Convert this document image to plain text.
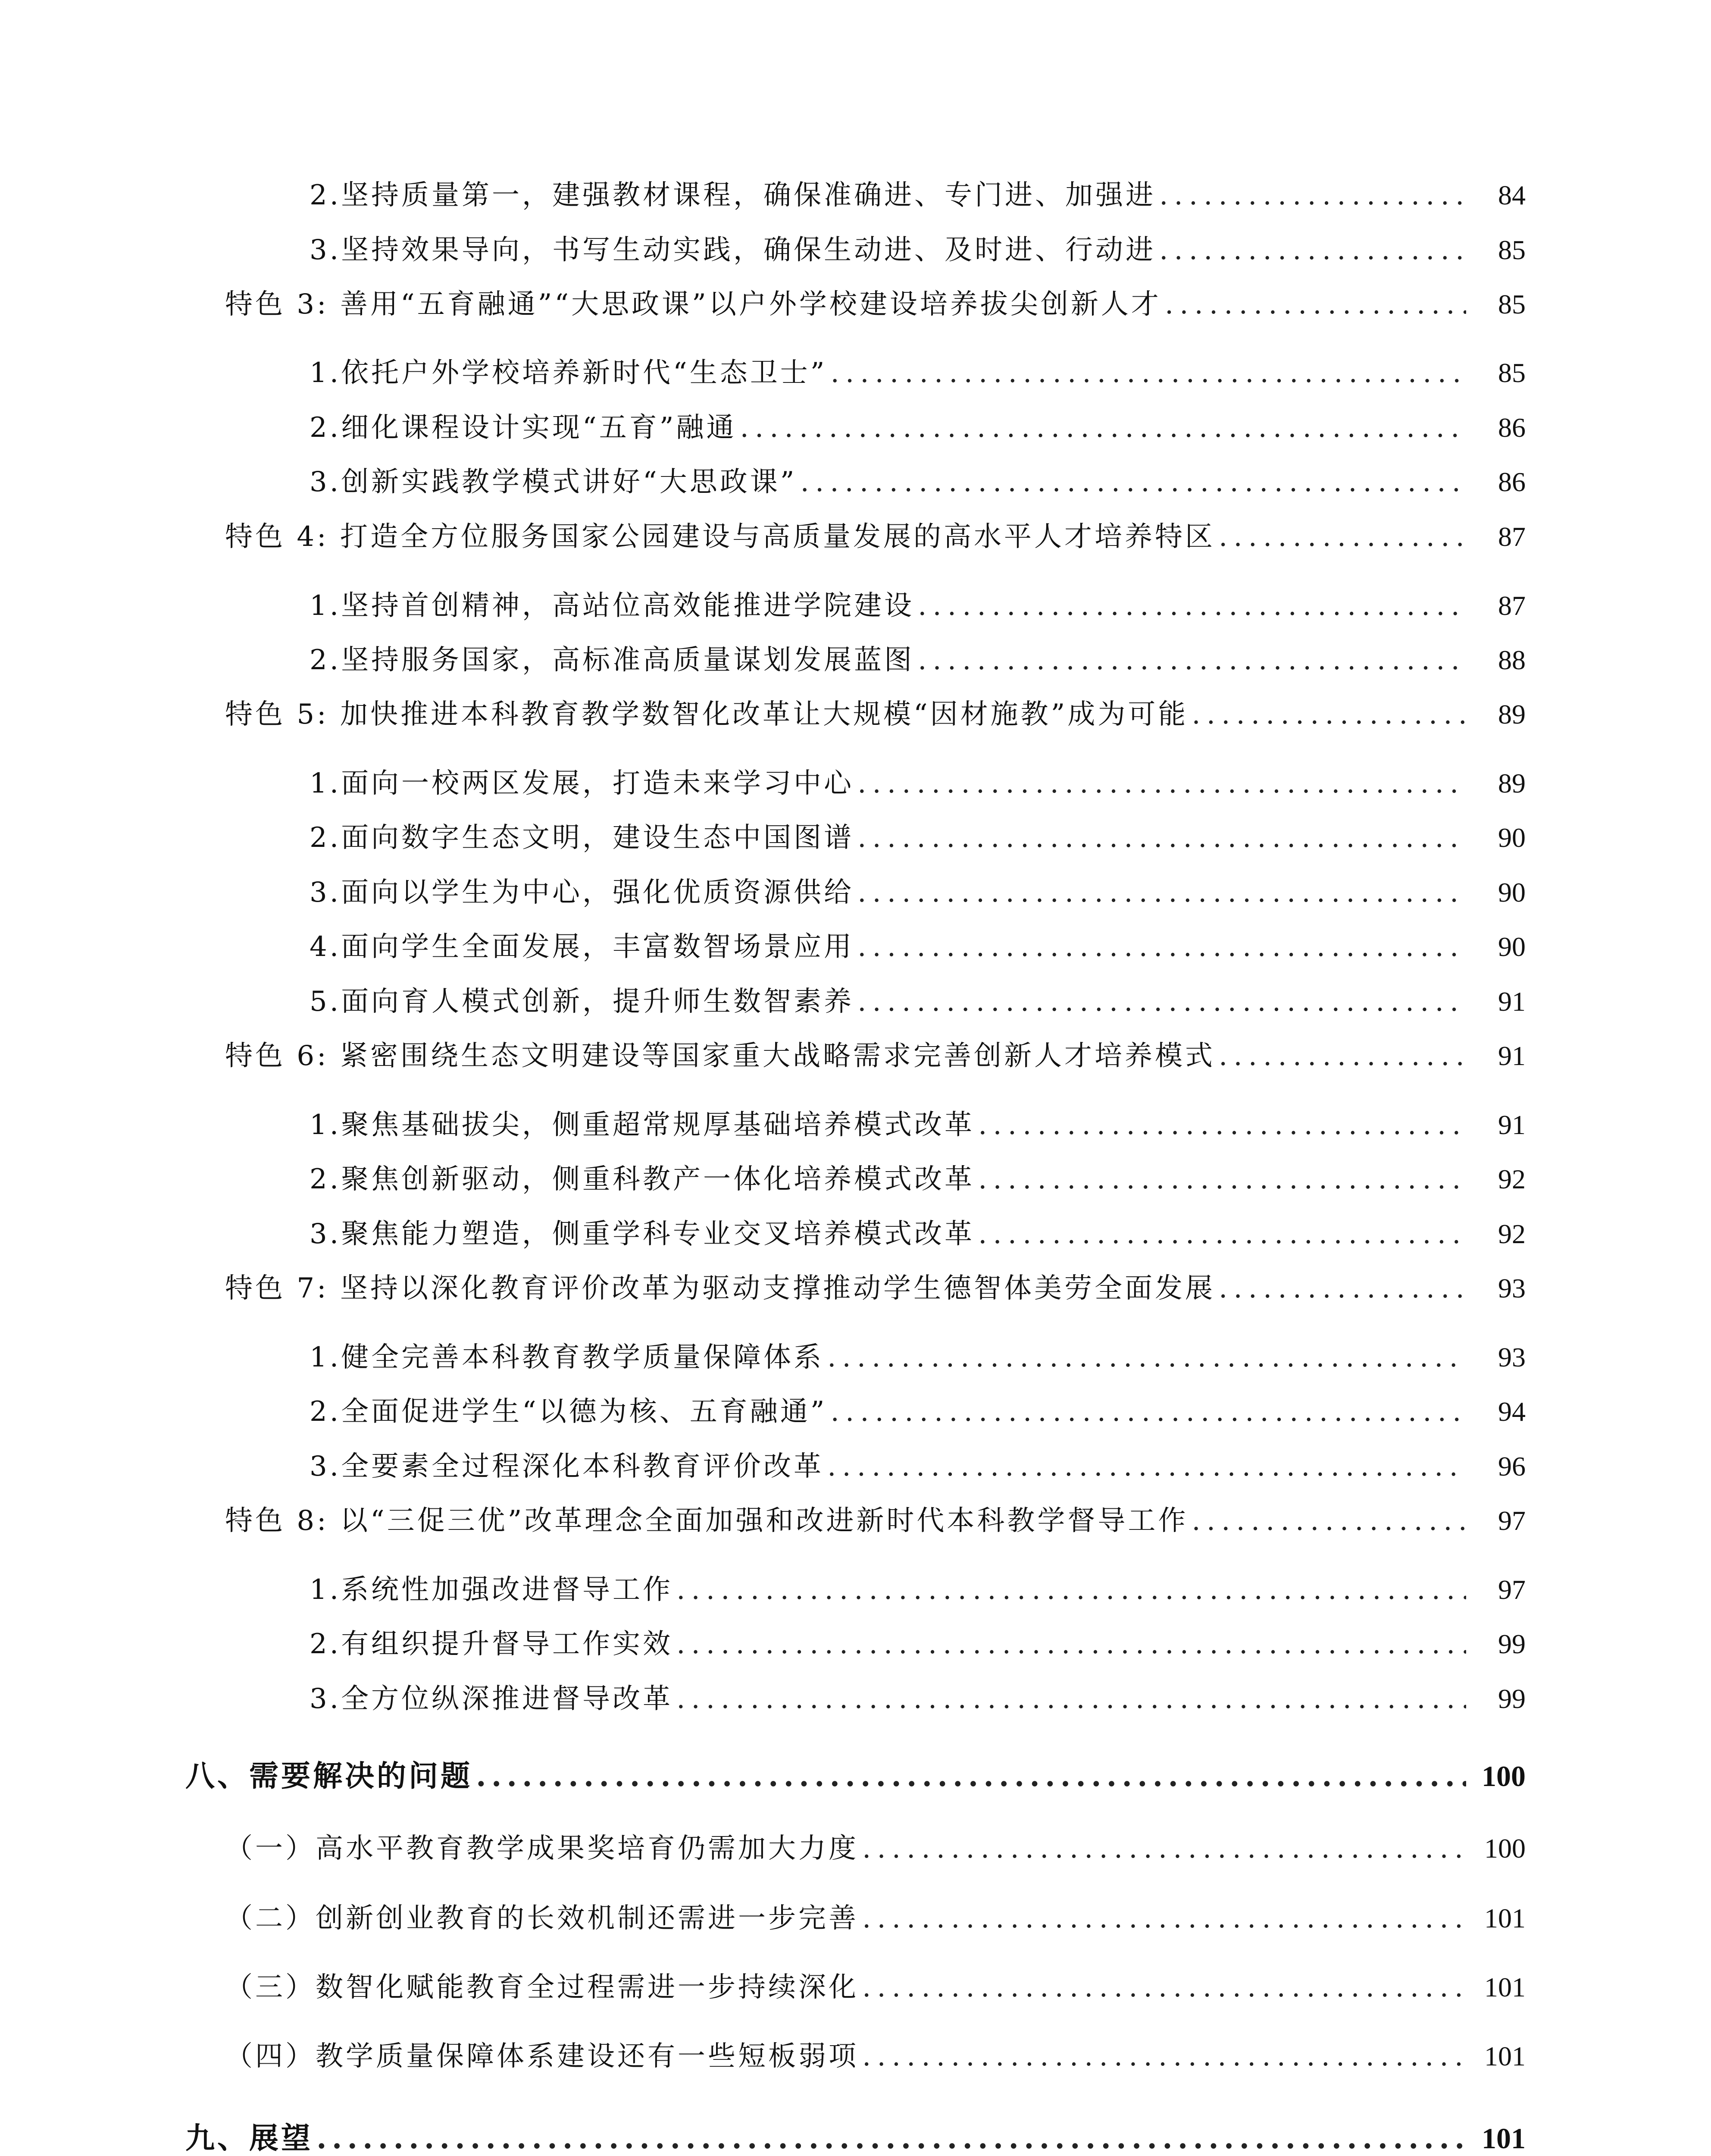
2.坚持质量第一，建强教材课程，确保准确进、专门进、加强进 .....	84
3.坚持效果导向，书写生动实践，确保生动进、及时进、行动进 .....	85
特色 3: 善用“五育融通”“大思政课”以户外学校建设培养拔尖创新人才 .....	85
1.依托户外学校培养新时代“生态卫士” .....	85
2.细化课程设计实现“五育”融通 .....	86
3.创新实践教学模式讲好“大思政课” .....	86
特色 4: 打造全方位服务国家公园建设与高质量发展的高水平人才培养特区 .....	87
1.坚持首创精神，高站位高效能推进学院建设 .....	87
2.坚持服务国家，高标准高质量谋划发展蓝图 .....	88
特色 5: 加快推进本科教育教学数智化改革让大规模“因材施教”成为可能 .....	89
1.面向一校两区发展，打造未来学习中心 .....	89
2.面向数字生态文明，建设生态中国图谱 .....	90
3.面向以学生为中心，强化优质资源供给 .....	90
4.面向学生全面发展，丰富数智场景应用 .....	90
5.面向育人模式创新，提升师生数智素养 .....	91
特色 6: 紧密围绕生态文明建设等国家重大战略需求完善创新人才培养模式 .....	91
1.聚焦基础拔尖，侧重超常规厚基础培养模式改革 .....	91
2.聚焦创新驱动，侧重科教产一体化培养模式改革 .....	92
3.聚焦能力塑造，侧重学科专业交叉培养模式改革 .....	92
特色 7: 坚持以深化教育评价改革为驱动支撑推动学生德智体美劳全面发展 .....	93
1.健全完善本科教育教学质量保障体系 .....	93
2.全面促进学生“以德为核、五育融通” .....	94
3.全要素全过程深化本科教育评价改革 .....	96
特色 8: 以“三促三优”改革理念全面加强和改进新时代本科教学督导工作 .....	97
1.系统性加强改进督导工作 .....	97
2.有组织提升督导工作实效 .....	99
3.全方位纵深推进督导改革 .....	99
八、需要解决的问题 .....	100
（一）高水平教育教学成果奖培育仍需加大力度 .....	100
（二）创新创业教育的长效机制还需进一步完善 .....	101
（三）数智化赋能教育全过程需进一步持续深化 .....	101
（四）教学质量保障体系建设还有一些短板弱项 .....	101
九、展望 .....	101
